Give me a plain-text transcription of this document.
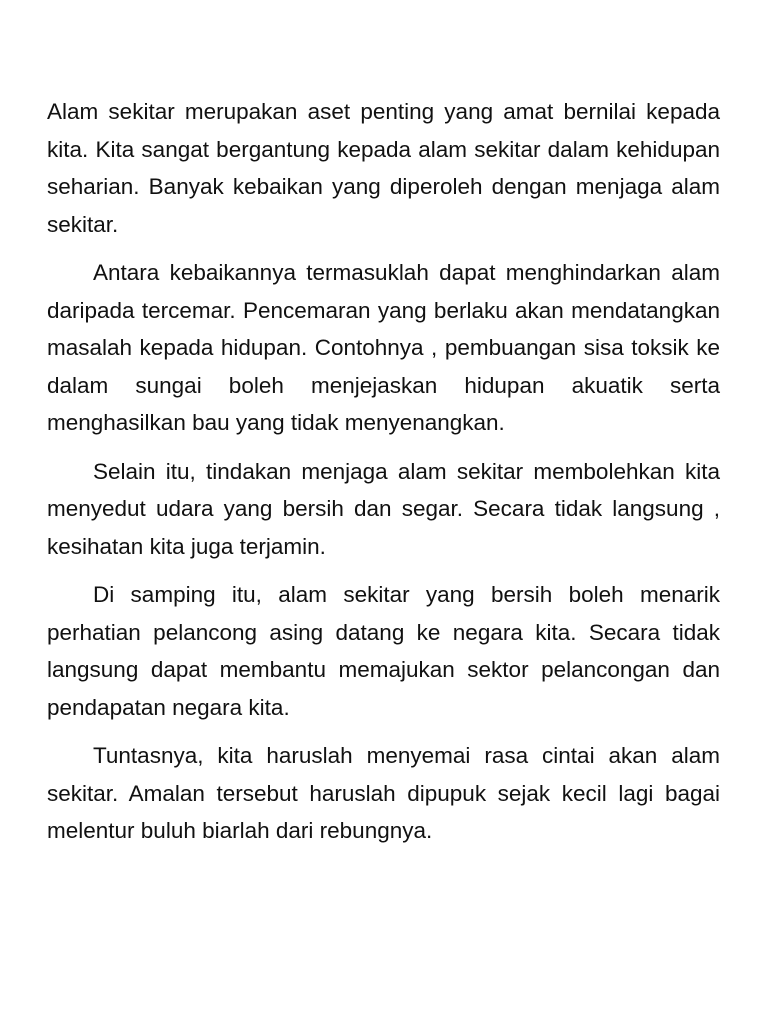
Alam sekitar merupakan aset penting yang amat bernilai kepada kita. Kita sangat bergantung kepada alam sekitar dalam kehidupan seharian. Banyak kebaikan yang diperoleh dengan menjaga alam sekitar.

Antara kebaikannya termasuklah dapat menghindarkan alam daripada tercemar. Pencemaran yang berlaku akan mendatangkan masalah kepada hidupan. Contohnya , pembuangan sisa toksik ke dalam sungai boleh menjejaskan hidupan akuatik serta menghasilkan bau yang tidak menyenangkan.

Selain itu, tindakan menjaga alam sekitar membolehkan kita menyedut udara yang bersih dan segar. Secara tidak langsung , kesihatan kita juga terjamin.

Di samping itu, alam sekitar yang bersih boleh menarik perhatian pelancong asing datang ke negara kita. Secara tidak langsung dapat membantu memajukan sektor pelancongan dan pendapatan negara kita.

Tuntasnya, kita haruslah menyemai rasa cintai akan alam sekitar. Amalan tersebut haruslah dipupuk sejak kecil lagi bagai melentur buluh biarlah dari rebungnya.
